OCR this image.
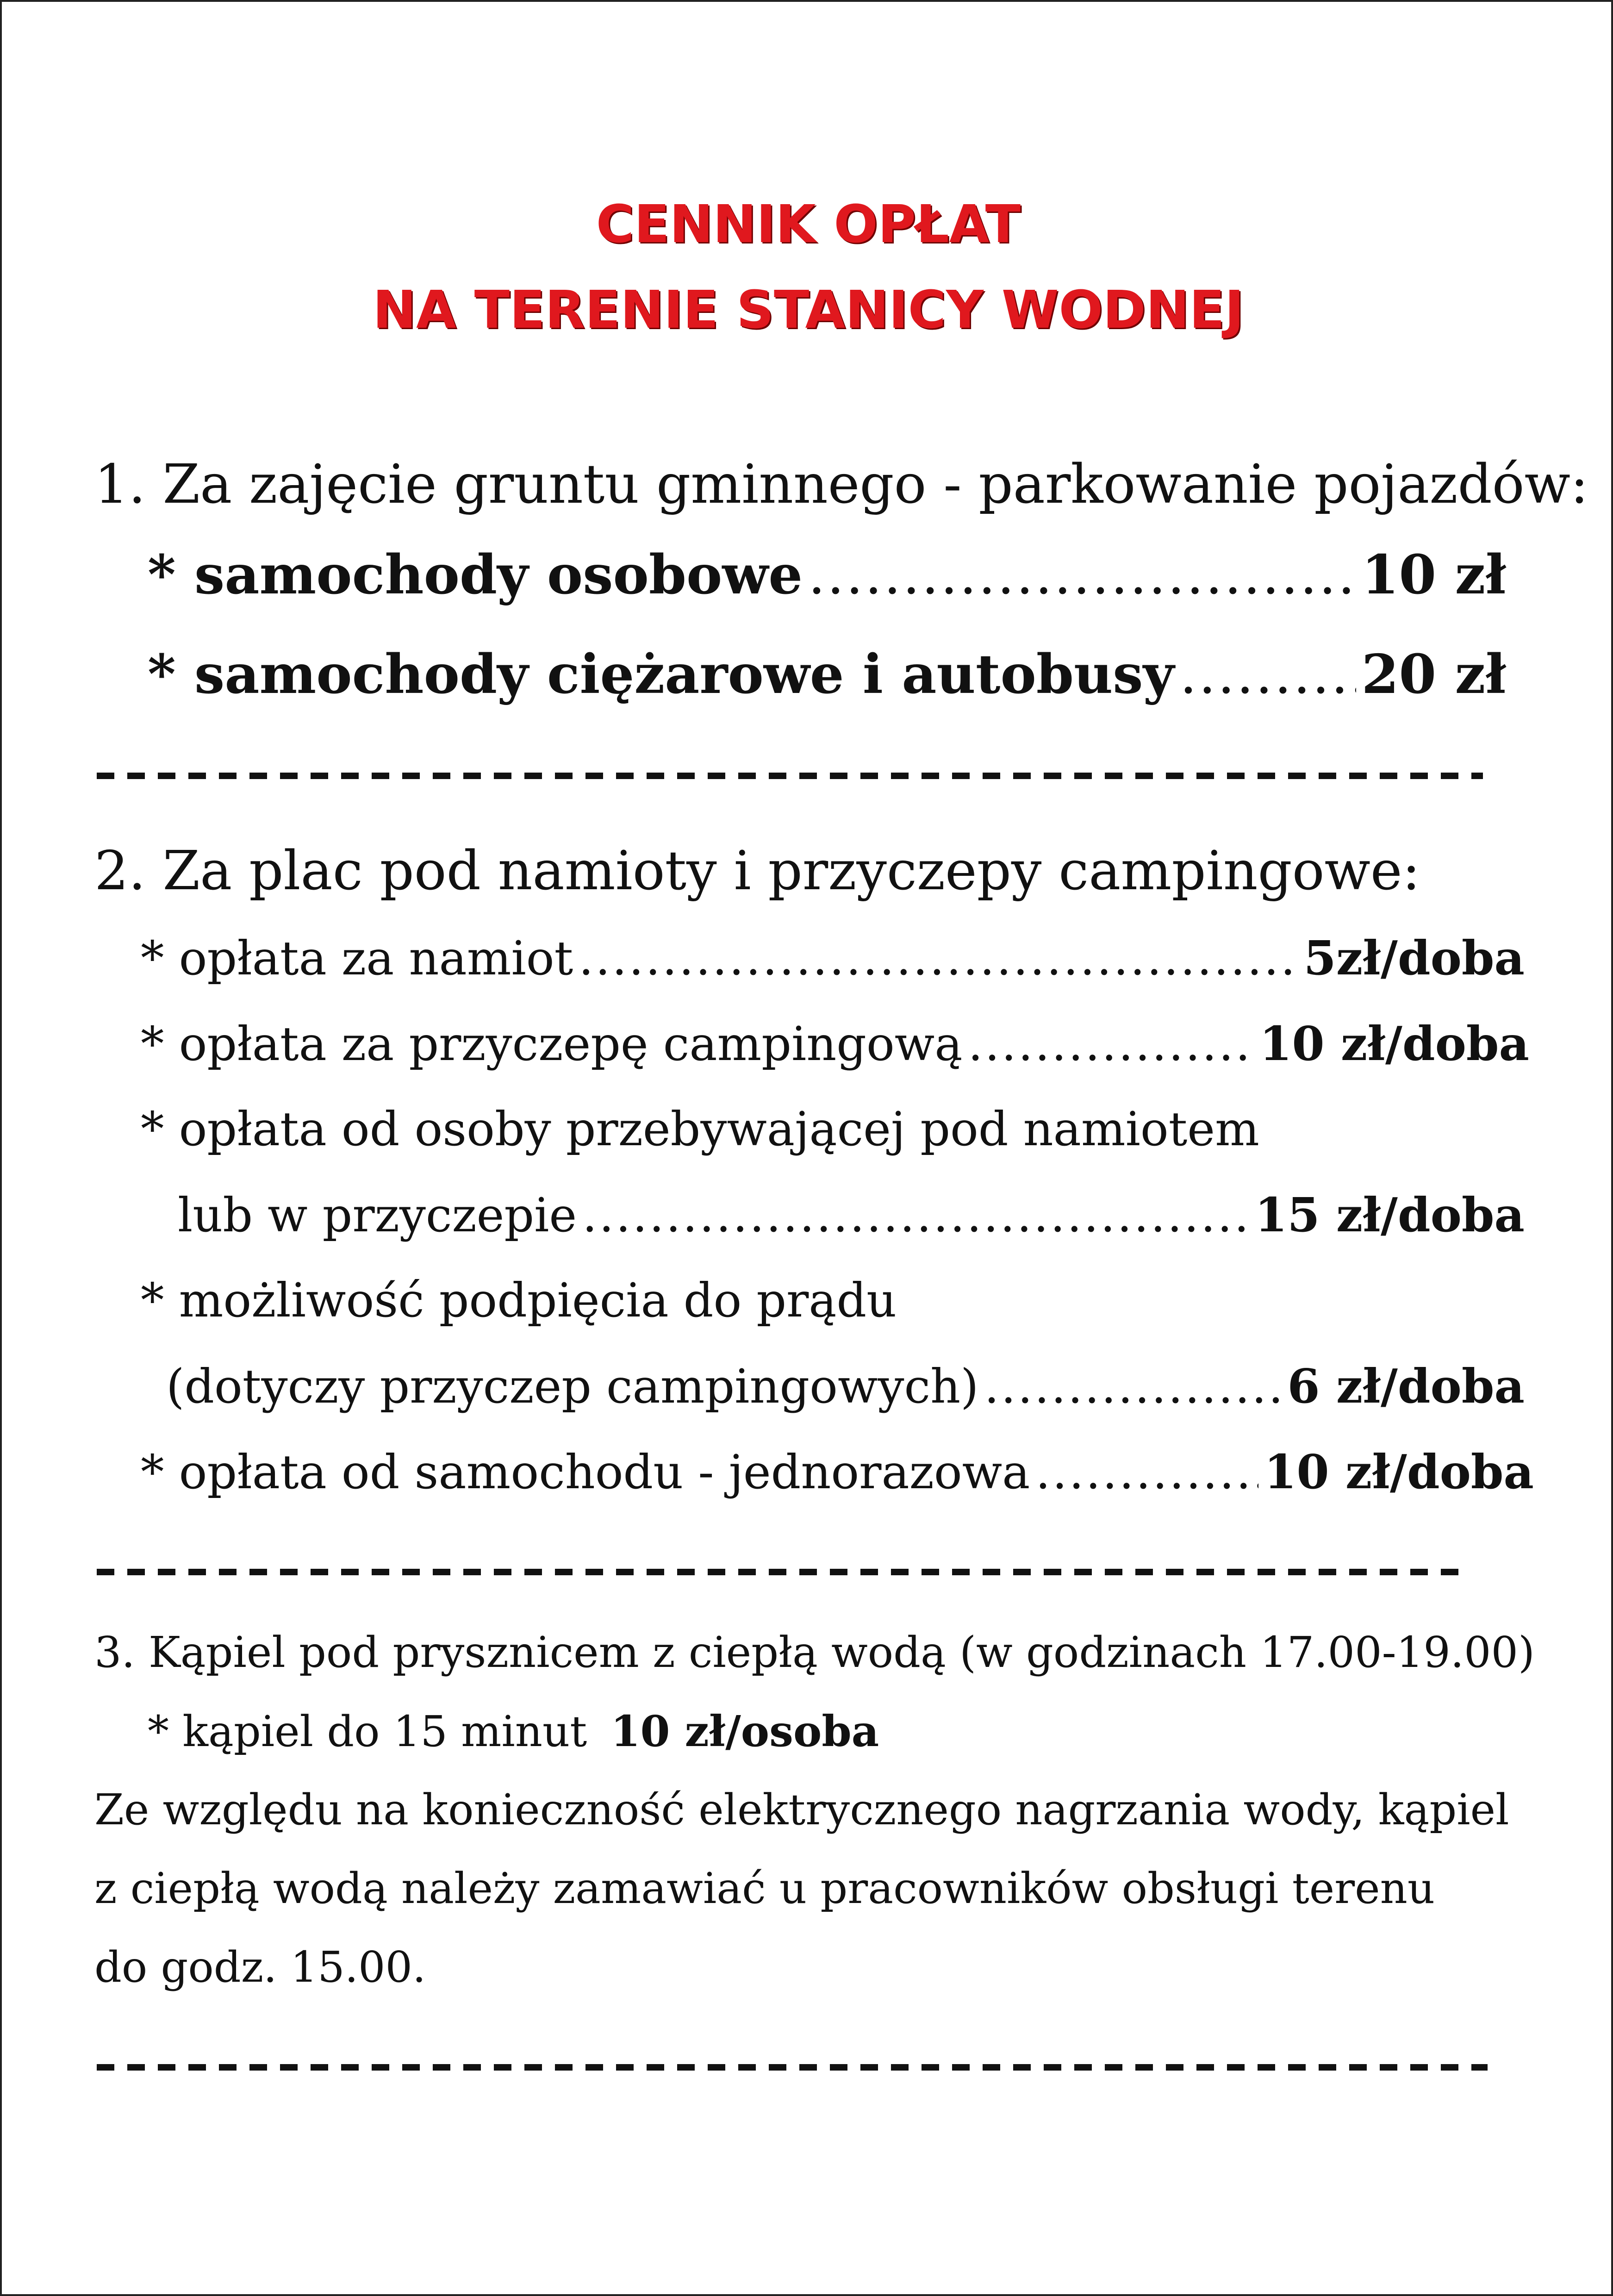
CENNIK OPŁAT
NA TERENIE STANICY WODNEJ
1. Za zajęcie gruntu gminnego - parkowanie pojazdów:
* samochody osobowe .....	10 zł
* samochody ciężarowe i autobusy .....	20 zł
2. Za plac pod namioty i przyczepy campingowe:
* opłata za namiot .....	5zł/doba
* opłata za przyczepę campingową .....	10 zł/doba
* opłata od osoby przebywającej pod namiotem
lub w przyczepie .....	15 zł/doba
* możliwość podpięcia do prądu
(dotyczy przyczep campingowych) .....	6 zł/doba
* opłata od samochodu - jednorazowa .....	10 zł/doba
3. Kąpiel pod prysznicem z ciepłą wodą (w godzinach 17.00-19.00)
* kąpiel do 15 minut 10 zł/osoba
Ze względu na konieczność elektrycznego nagrzania wody, kąpiel
z ciepłą wodą należy zamawiać u pracowników obsługi terenu
do godz. 15.00.
